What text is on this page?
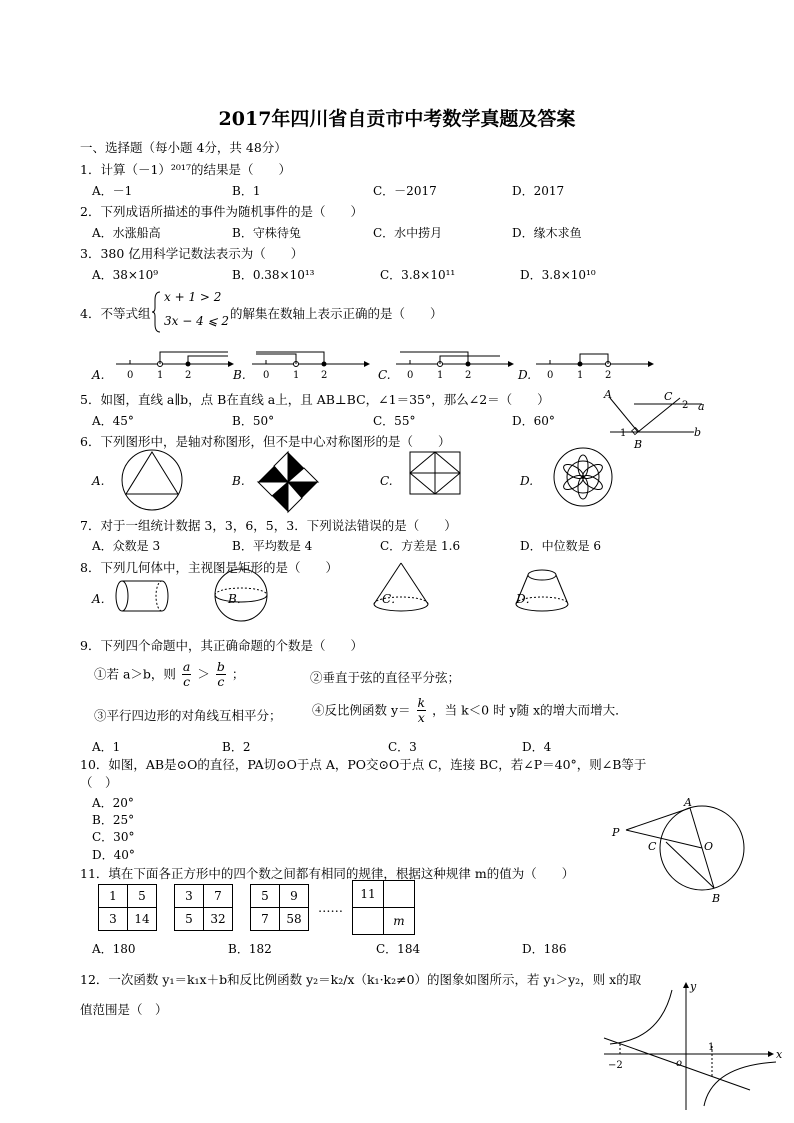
2017年四川省自贡市中考数学真题及答案
一、选择题（每小题 4分，共 48分）
1．计算（－1）²⁰¹⁷的结果是（　　）
A．－1	B．1	C．－2017	D．2017
2．下列成语所描述的事件为随机事件的是（　　）
A．水涨船高	B．守株待兔	C．水中捞月	D．缘木求鱼
3．380 亿用科学记数法表示为（　　）
A．38×10⁹	B．0.38×10¹³	C．3.8×10¹¹	D．3.8×10¹⁰
4．不等式组
x + 1 > 2
3x − 4 ⩽ 2 的解集在数轴上表示正确的是（　　）
A.	B.	C.	D.
0 1 2	0 1 2	0 1 2	0 1 2
5．如图，直线 a∥b，点 B在直线 a上，且 AB⊥BC，∠1＝35°，那么∠2＝（　　）
A．45°	B．50°	C．55°	D．60°
A
B
C
a
b
1
2
6．下列图形中，是轴对称图形，但不是中心对称图形的是（　　）
A.	B.	C.	D.
7．对于一组统计数据 3，3，6，5，3．下列说法错误的是（　　）
A．众数是 3	B．平均数是 4	C．方差是 1.6	D．中位数是 6
8．下列几何体中，主视图是矩形的是（　　）
A．	B．	C．	D．
9．下列四个命题中，其正确命题的个数是（　　）
①若 a＞b，则 $\frac{a}{c} > \frac{b}{c}$ ；	②垂直于弦的直径平分弦；
③平行四边形的对角线互相平分； ④反比例函数 $y= \frac{k}{x}$ ，当 k＜0 时 y随 x的增大而增大．
A．1	B．2	C．3	D．4
10．如图，AB是⊙O的直径，PA切⊙O于点 A，PO交⊙O于点 C，连接 BC，若∠P＝40°，则∠B等于
（　）
A．20°
B．25°
C．30°
D．40°
P
A
C	O
B
11．填在下面各正方形中的四个数之间都有相同的规律，根据这种规律 m的值为（　　）
1	5
3	14
3	7
5	32
5	9
7	58
……
11	
	m
A．180	B．182	C．184	D．186
12．一次函数 y₁＝k₁x＋b和反比例函数 y₂＝k₂/x（k₁·k₂≠0）的图象如图所示，若 y₁＞y₂，则 x的取
值范围是（　）
x
y
o
1
−2
